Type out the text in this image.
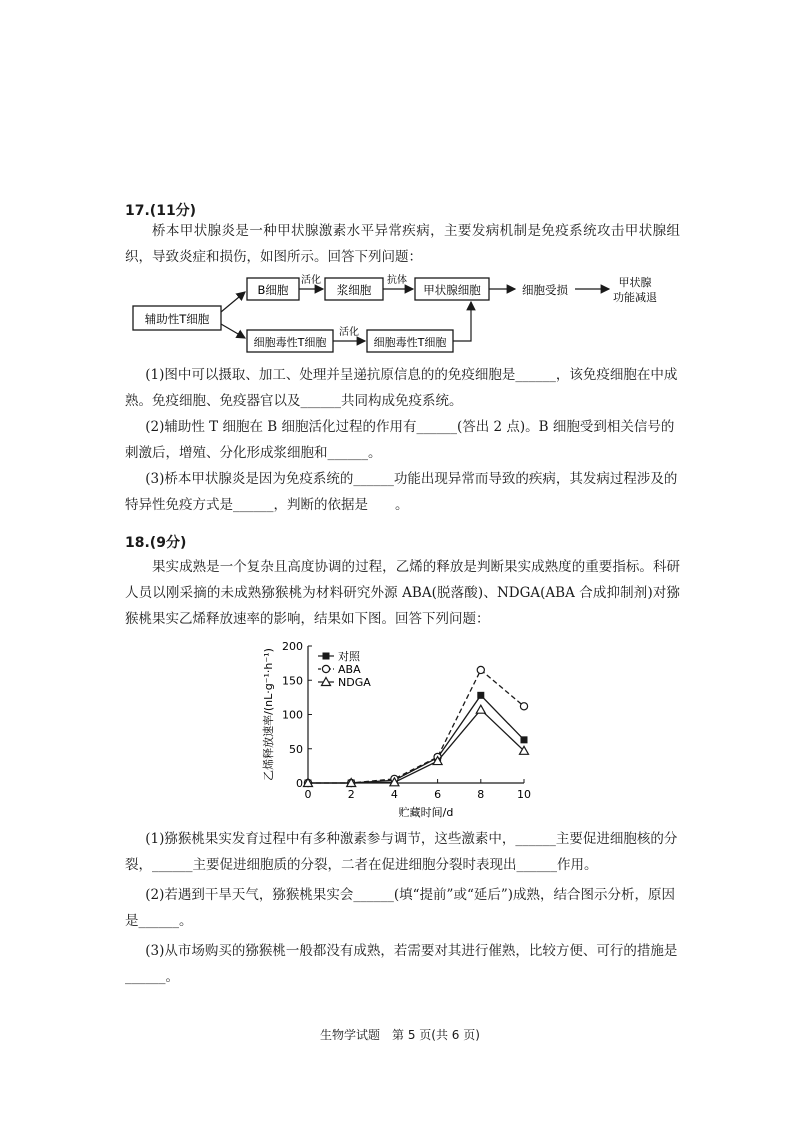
17.(11分)
桥本甲状腺炎是一种甲状腺激素水平异常疾病，主要发病机制是免疫系统攻击甲状腺组织，导致炎症和损伤，如图所示。回答下列问题：
辅助性T细胞
B细胞	浆细胞	甲状腺细胞	细胞受损
甲状腺
功能减退
细胞毒性T细胞	细胞毒性T细胞
活化	抗体
活化
(1)图中可以摄取、加工、处理并呈递抗原信息的的免疫细胞是______，该免疫细胞在中成熟。免疫细胞、免疫器官以及______共同构成免疫系统。
(2)辅助性 T 细胞在 B 细胞活化过程的作用有______(答出 2 点)。B 细胞受到相关信号的刺激后，增殖、分化形成浆细胞和______。
(3)桥本甲状腺炎是因为免疫系统的______功能出现异常而导致的疾病，其发病过程涉及的特异性免疫方式是______，判断的依据是　　。
18.(9分)
果实成熟是一个复杂且高度协调的过程，乙烯的释放是判断果实成熟度的重要指标。科研人员以刚采摘的未成熟猕猴桃为材料研究外源 ABA(脱落酸)、NDGA(ABA 合成抑制剂)对猕猴桃果实乙烯释放速率的影响，结果如下图。回答下列问题：
0
50
100
150
200
0	2	4	6	8	10
贮藏时间/d
乙烯释放速率/(nL·g⁻¹·h⁻¹)	对照
ABA
NDGA
(1)猕猴桃果实发育过程中有多种激素参与调节，这些激素中，______主要促进细胞核的分裂，______主要促进细胞质的分裂，二者在促进细胞分裂时表现出______作用。
(2)若遇到干旱天气，猕猴桃果实会______(填“提前”或“延后”)成熟，结合图示分析，原因是______。
(3)从市场购买的猕猴桃一般都没有成熟，若需要对其进行催熟，比较方便、可行的措施是______。
生物学试题　第 5 页(共 6 页)
